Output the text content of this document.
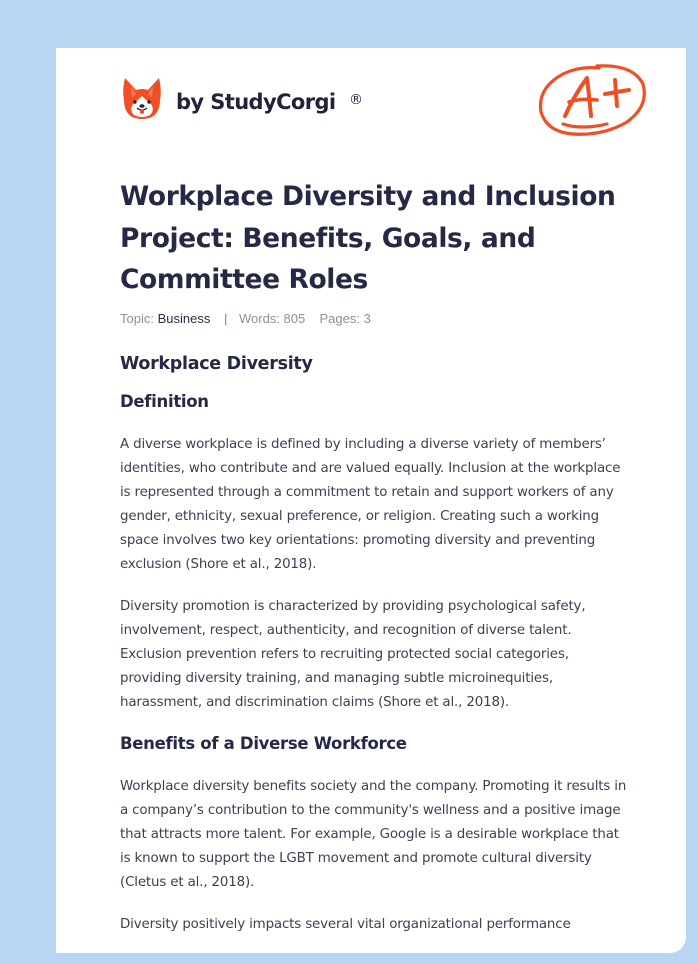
by StudyCorgi ®
Workplace Diversity and Inclusion Project: Benefits, Goals, and Committee Roles
Topic: Business | Words: 805 Pages: 3
Workplace Diversity
Definition

A diverse workplace is defined by including a diverse variety of members’ identities, who contribute and are valued equally. Inclusion at the workplace is represented through a commitment to retain and support workers of any gender, ethnicity, sexual preference, or religion. Creating such a working space involves two key orientations: promoting diversity and preventing exclusion (Shore et al., 2018).

Diversity promotion is characterized by providing psychological safety, involvement, respect, authenticity, and recognition of diverse talent. Exclusion prevention refers to recruiting protected social categories, providing diversity training, and managing subtle microinequities, harassment, and discrimination claims (Shore et al., 2018).

Benefits of a Diverse Workforce

Workplace diversity benefits society and the company. Promoting it results in a company’s contribution to the community's wellness and a positive image that attracts more talent. For example, Google is a desirable workplace that is known to support the LGBT movement and promote cultural diversity (Cletus et al., 2018).

Diversity positively impacts several vital organizational performance
